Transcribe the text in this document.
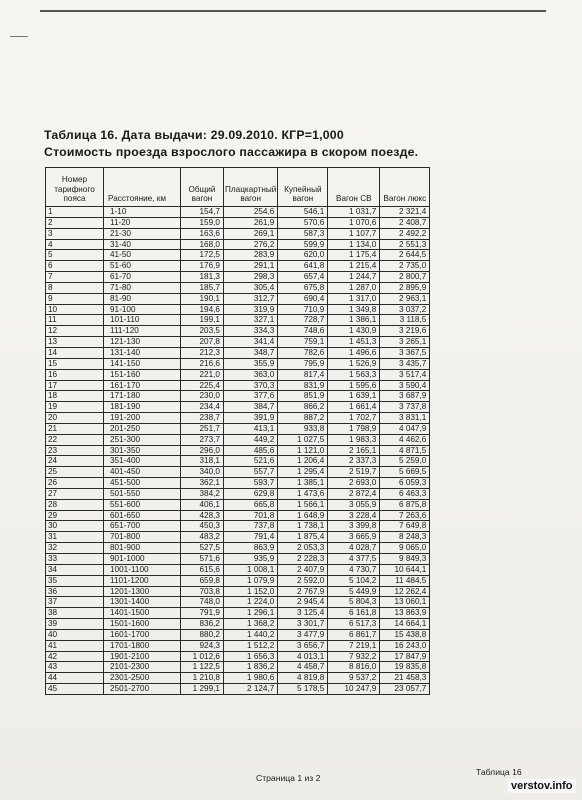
Таблица 16. Дата выдачи: 29.09.2010. КГР=1,000
Стоимость проезда взрослого пассажира в скором поезде.
Номер тарифного пояса	Расстояние, км	Общий вагон	Плацкартный вагон	Купейный вагон	Вагон СВ	Вагон люкс
1	1-10	154,7	254,6	546,1	1 031,7	2 321,4
2	11-20	159,0	261,9	570,6	1 070,6	2 408,7
3	21-30	163,6	269,1	587,3	1 107,7	2 492,2
4	31-40	168,0	276,2	599,9	1 134,0	2 551,3
5	41-50	172,5	283,9	620,0	1 175,4	2 644,5
6	51-60	176,9	291,1	641,8	1 215,4	2 735,0
7	61-70	181,3	298,3	657,4	1 244,7	2 800,7
8	71-80	185,7	305,4	675,8	1 287,0	2 895,9
9	81-90	190,1	312,7	690,4	1 317,0	2 963,1
10	91-100	194,6	319,9	710,9	1 349,8	3 037,2
11	101-110	199,1	327,1	728,7	1 386,1	3 118,5
12	111-120	203,5	334,3	748,6	1 430,9	3 219,6
13	121-130	207,8	341,4	759,1	1 451,3	3 265,1
14	131-140	212,3	348,7	782,6	1 496,6	3 367,5
15	141-150	216,6	355,9	795,9	1 526,9	3 435,7
16	151-160	221,0	363,0	817,4	1 563,3	3 517,4
17	161-170	225,4	370,3	831,9	1 595,6	3 590,4
18	171-180	230,0	377,6	851,9	1 639,1	3 687,9
19	181-190	234,4	384,7	866,2	1 661,4	3 737,8
20	191-200	238,7	391,9	887,2	1 702,7	3 831,1
21	201-250	251,7	413,1	933,8	1 798,9	4 047,9
22	251-300	273,7	449,2	1 027,5	1 983,3	4 462,6
23	301-350	296,0	485,6	1 121,0	2 165,1	4 871,5
24	351-400	318,1	521,6	1 206,4	2 337,3	5 259,0
25	401-450	340,0	557,7	1 295,4	2 519,7	5 669,5
26	451-500	362,1	593,7	1 385,1	2 693,0	6 059,3
27	501-550	384,2	629,8	1 473,6	2 872,4	6 463,3
28	551-600	406,1	665,8	1 566,1	3 055,9	6 875,8
29	601-650	428,3	701,8	1 648,9	3 228,4	7 263,6
30	651-700	450,3	737,8	1 738,1	3 399,8	7 649,8
31	701-800	483,2	791,4	1 875,4	3 665,9	8 248,3
32	801-900	527,5	863,9	2 053,3	4 028,7	9 065,0
33	901-1000	571,6	935,9	2 228,3	4 377,5	9 849,3
34	1001-1100	615,6	1 008,1	2 407,9	4 730,7	10 644,1
35	1101-1200	659,8	1 079,9	2 592,0	5 104,2	11 484,5
36	1201-1300	703,8	1 152,0	2 767,9	5 449,9	12 262,4
37	1301-1400	748,0	1 224,0	2 945,4	5 804,3	13 060,1
38	1401-1500	791,9	1 296,1	3 125,4	6 161,8	13 863,9
39	1501-1600	836,2	1 368,2	3 301,7	6 517,3	14 664,1
40	1601-1700	880,2	1 440,2	3 477,9	6 861,7	15 438,8
41	1701-1800	924,3	1 512,2	3 656,7	7 219,1	16 243,0
42	1901-2100	1 012,6	1 656,3	4 013,1	7 932,2	17 847,9
43	2101-2300	1 122,5	1 836,2	4 458,7	8 816,0	19 835,8
44	2301-2500	1 210,8	1 980,6	4 819,8	9 537,2	21 458,3
45	2501-2700	1 299,1	2 124,7	5 178,5	10 247,9	23 057,7
Страница 1 из 2
Таблица 16
verstov.info
